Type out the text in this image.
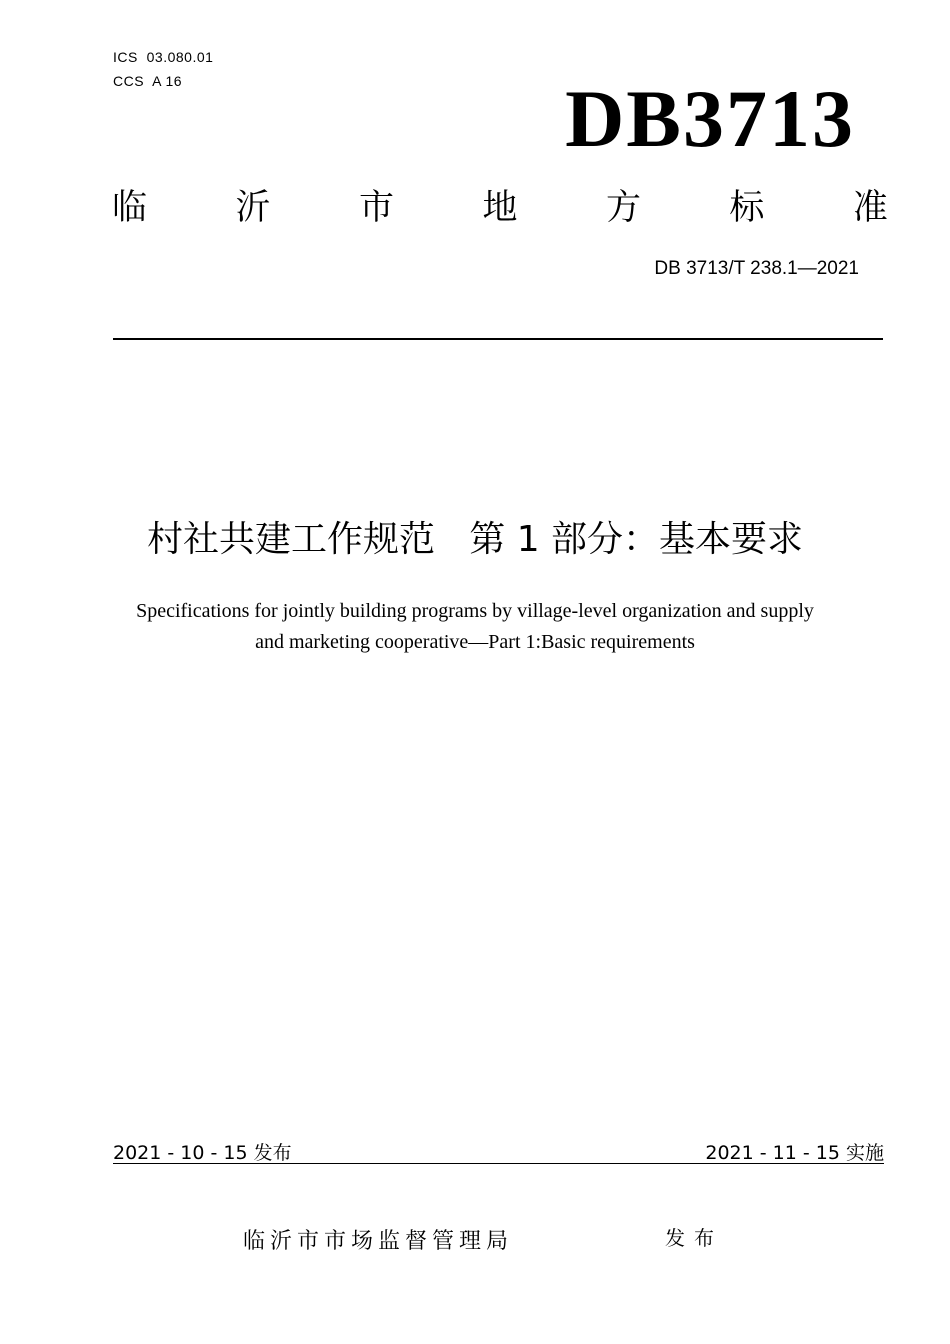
ICS  03.080.01
CCS  A 16	DB3713
临	沂	市	地	方	标	准
DB 3713/T 238.1—2021
村社共建工作规范   第 1 部分：基本要求
Specifications for jointly building programs by village-level organization and supply
and marketing cooperative—Part 1:Basic requirements
2021 - 10 - 15 发布	2021 - 11 - 15 实施
临沂市市场监督管理局	发布
